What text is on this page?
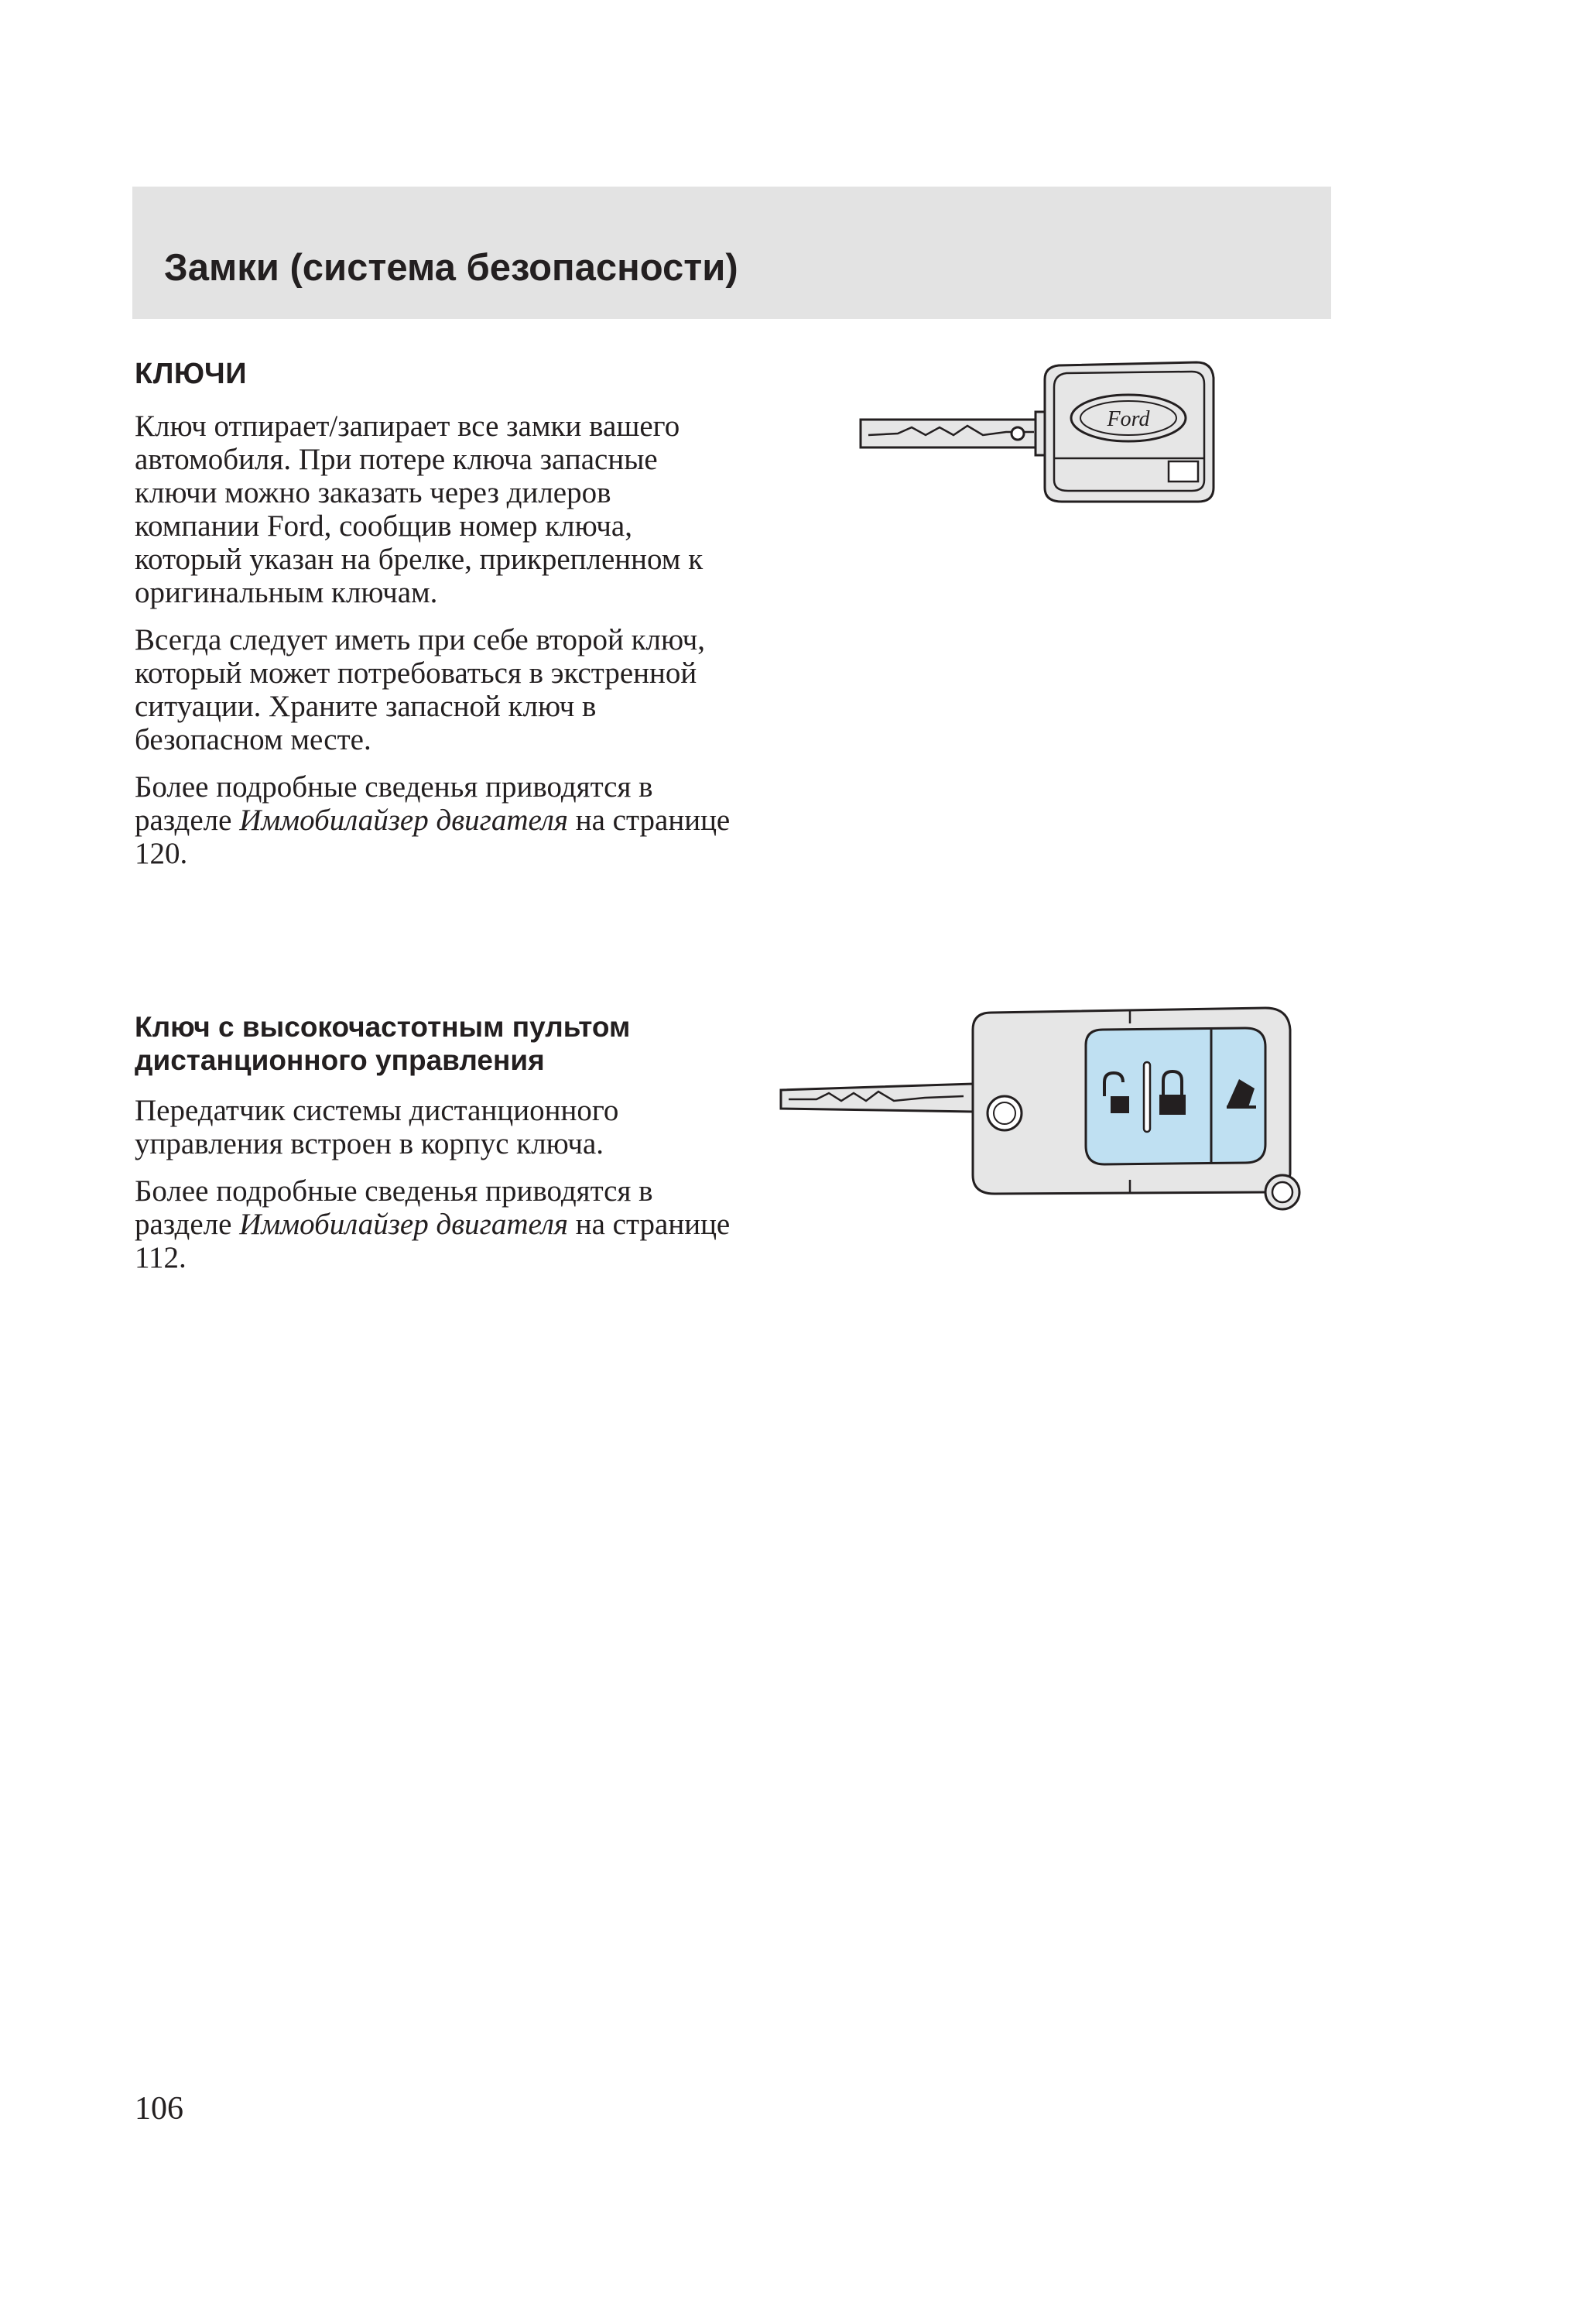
Замки (система безопасности)
КЛЮЧИ

Ключ отпирает/запирает все замки вашего автомобиля. При потере ключа запасные ключи можно заказать через дилеров компании Ford, сообщив номер ключа, который указан на брелке, прикрепленном к оригинальным ключам.

Всегда следует иметь при себе второй ключ, который может потребоваться в экстренной ситуации. Храните запасной ключ в безопасном месте.

Более подробные сведенья приводятся в разделе Иммобилайзер двигателя на странице 120.

Ключ с высокочастотным пультом
дистанционного управления

Передатчик системы дистанционного управления встроен в корпус ключа.

Более подробные сведенья приводятся в разделе Иммобилайзер двигателя на странице 112.

Ford
106
